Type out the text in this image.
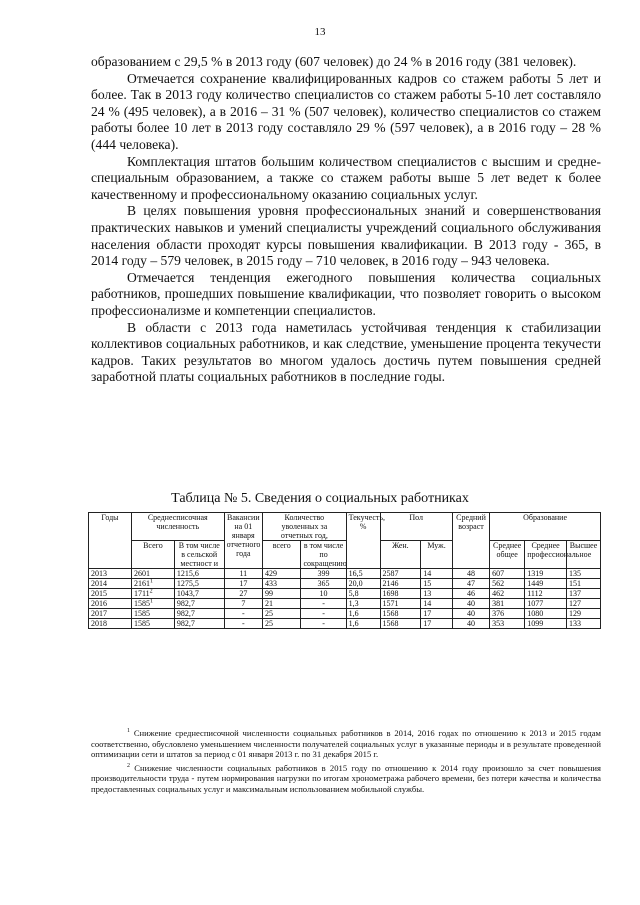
13

образованием с 29,5 % в 2013 году (607 человек) до 24 % в 2016 году (381 человек).

Отмечается сохранение квалифицированных кадров со стажем работы 5 лет и более. Так в 2013 году количество специалистов со стажем работы 5-10 лет составляло 24 % (495 человек), а в 2016 – 31 % (507 человек), количество специалистов со стажем работы более 10 лет в 2013 году составляло 29 % (597 человек), а в 2016 году – 28 % (444 человека).

Комплектация штатов большим количеством специалистов с высшим и средне-специальным образованием, а также со стажем работы выше 5 лет ведет к более качественному и профессиональному оказанию социальных услуг.

В целях повышения уровня профессиональных знаний и совершенствования практических навыков и умений специалисты учреждений социального обслуживания населения области проходят курсы повышения квалификации. В 2013 году - 365, в 2014 году – 579 человек, в 2015 году – 710 человек, в 2016 году – 943 человека.

Отмечается тенденция ежегодного повышения количества социальных работников, прошедших повышение квалификации, что позволяет говорить о высоком профессионализме и компетенции специалистов.

В области с 2013 года наметилась устойчивая тенденция к стабилизации коллективов социальных работников, и как следствие, уменьшение процента текучести кадров. Таких результатов во многом удалось достичь путем повышения средней заработной платы социальных работников в последние годы.

Таблица № 5. Сведения о социальных работниках
Годы	Среднесписочная численность		Вакансии на 01 января отчетного года	Количество уволенных за отчетных год,		Текучесть, %	Пол		Средний возраст	Образование		
	Всего	В том числе в сельской местност и		всего	в том числе по сокращению		Жен.	Муж.		Среднее общее	Среднее профессиональное	Высшее
2013	2601	1215,6	11	429	399	16,5	2587	14	48	607	1319	135
2014	2161$^1$	1275,5	17	433	365	20,0	2146	15	47	562	1449	151
2015	1711$^2$	1043,7	27	99	10	5,8	1698	13	46	462	1112	137
2016	1585$^1$	982,7	7	21	-	1,3	1571	14	40	381	1077	127
2017	1585	982,7	-	25	-	1,6	1568	17	40	376	1080	129
2018	1585	982,7	-	25	-	1,6	1568	17	40	353	1099	133

$^1$ Снижение среднесписочной численности социальных работников в 2014, 2016 годах по отношению к 2013 и 2015 годам соответственно, обусловлено уменьшением численности получателей социальных услуг в указанные периоды и в результате проведенной оптимизации сети и штатов за период с 01 января 2013 г. по 31 декабря 2015 г.

$^2$ Снижение численности социальных работников в 2015 году по отношению к 2014 году произошло за счет повышения производительности труда - путем нормирования нагрузки по итогам хронометража рабочего времени, без потери качества и количества предоставленных социальных услуг и максимальным использованием мобильной службы.
